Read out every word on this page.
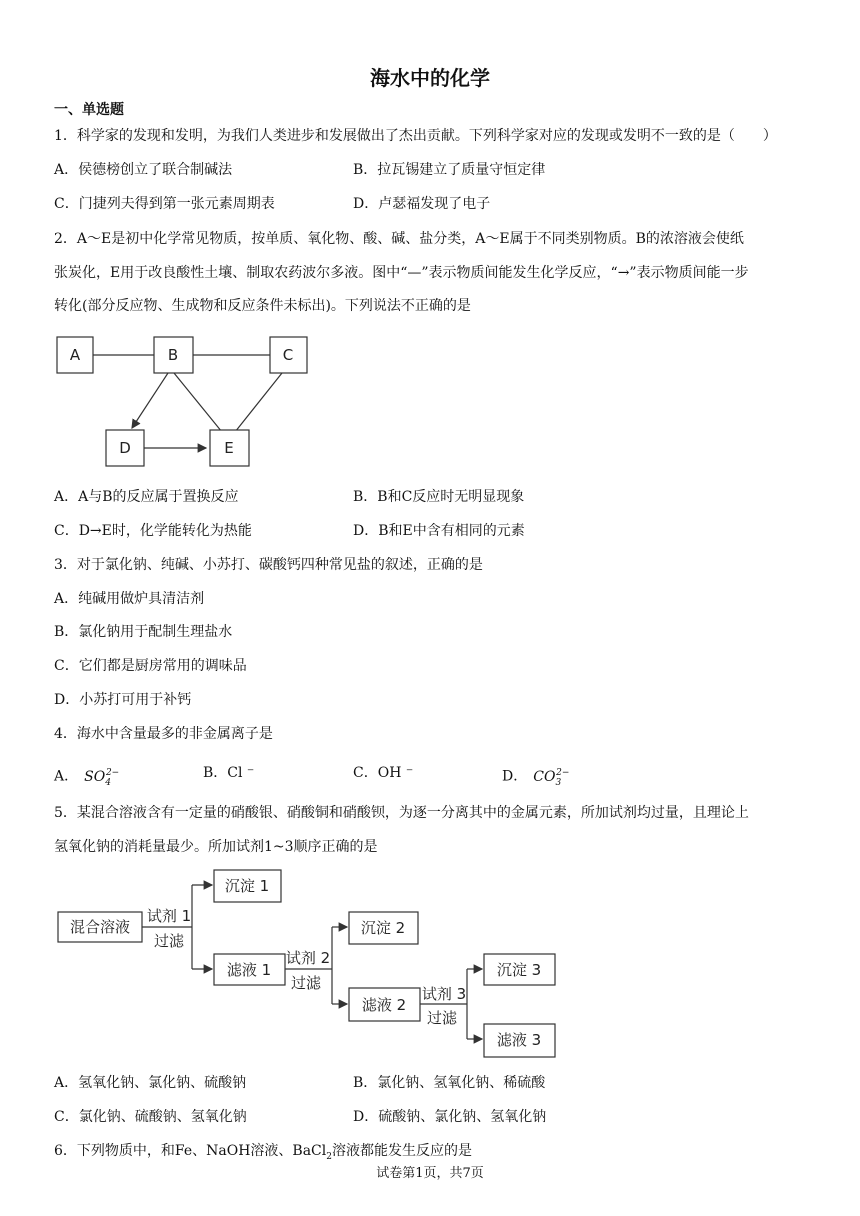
海水中的化学
一、单选题
1．科学家的发现和发明，为我们人类进步和发展做出了杰出贡献。下列科学家对应的发现或发明不一致的是（　　）
A．侯德榜创立了联合制碱法	B．拉瓦锡建立了质量守恒定律
C．门捷列夫得到第一张元素周期表	D．卢瑟福发现了电子
2．A～E是初中化学常见物质，按单质、氧化物、酸、碱、盐分类，A～E属于不同类别物质。B的浓溶液会使纸
张炭化，E用于改良酸性土壤、制取农药波尔多液。图中“—”表示物质间能发生化学反应，“→”表示物质间能一步
转化(部分反应物、生成物和反应条件未标出)。下列说法不正确的是
A	B	C
D	E
A．A与B的反应属于置换反应	B．B和C反应时无明显现象
C．D→E时，化学能转化为热能	D．B和E中含有相同的元素
3．对于氯化钠、纯碱、小苏打、碳酸钙四种常见盐的叙述，正确的是
A．纯碱用做炉具清洁剂
B．氯化钠用于配制生理盐水
C．它们都是厨房常用的调味品
D．小苏打可用于补钙
4．海水中含量最多的非金属离子是
A． $SO_4^{2-}$	B．Cl ⁻	C．OH ⁻	D． $CO_3^{2-}$
5．某混合溶液含有一定量的硝酸银、硝酸铜和硝酸钡，为逐一分离其中的金属元素，所加试剂均过量，且理论上
氢氧化钠的消耗量最少。所加试剂1~3顺序正确的是
混合溶液
沉淀 1
滤液 1
沉淀 2
滤液 2
沉淀 3
滤液 3
试剂 1
过滤
试剂 2
过滤
试剂 3
过滤
A．氢氧化钠、氯化钠、硫酸钠	B．氯化钠、氢氧化钠、稀硫酸
C．氯化钠、硫酸钠、氢氧化钠	D．硫酸钠、氯化钠、氢氧化钠
6．下列物质中，和Fe、NaOH溶液、BaCl$_2$溶液都能发生反应的是
试卷第1页，共7页
